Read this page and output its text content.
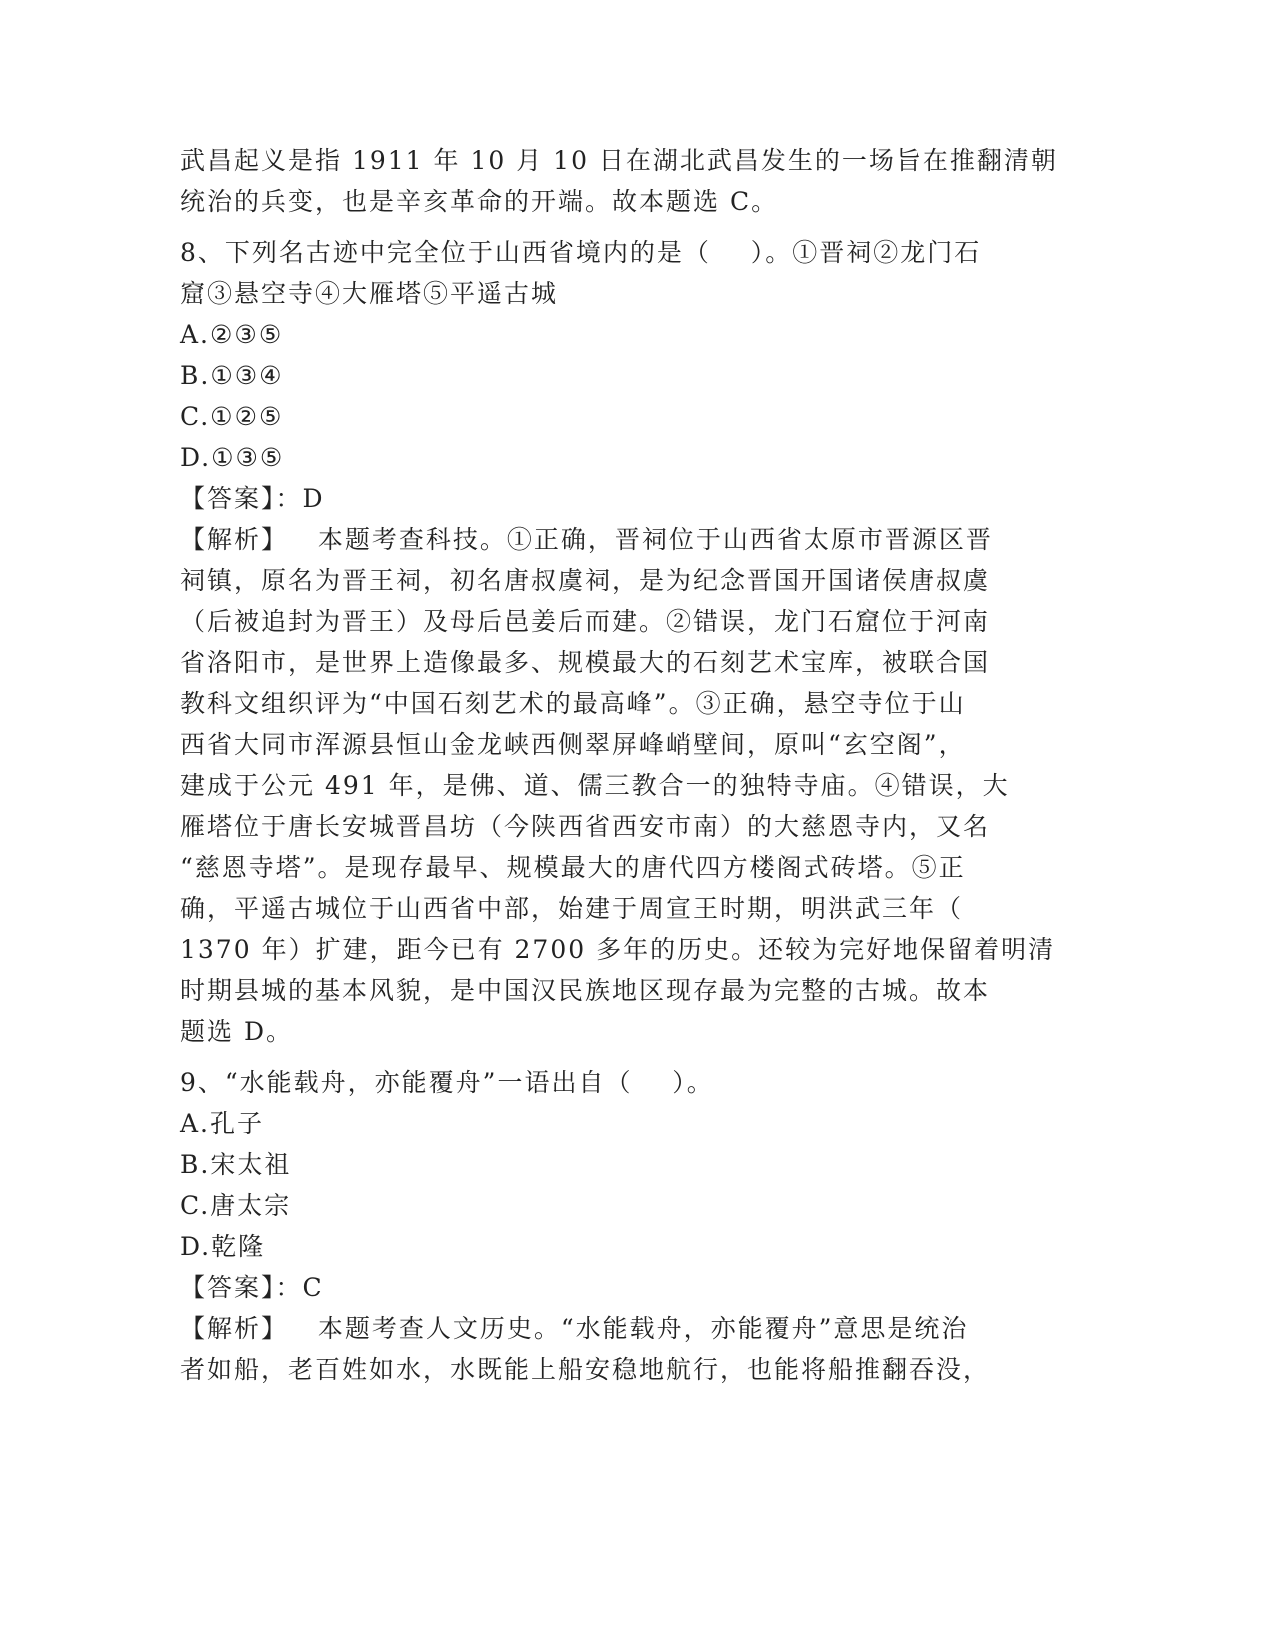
武昌起义是指 1911 年 10 月 10 日在湖北武昌发生的一场旨在推翻清朝
统治的兵变，也是辛亥革命的开端。故本题选 C。
8、下列名古迹中完全位于山西省境内的是（    ）。①晋祠②龙门石
窟③悬空寺④大雁塔⑤平遥古城
A.②③⑤
B.①③④
C.①②⑤
D.①③⑤
【答案】：D
【解析】   本题考查科技。①正确，晋祠位于山西省太原市晋源区晋
祠镇，原名为晋王祠，初名唐叔虞祠，是为纪念晋国开国诸侯唐叔虞
（后被追封为晋王）及母后邑姜后而建。②错误，龙门石窟位于河南
省洛阳市，是世界上造像最多、规模最大的石刻艺术宝库，被联合国
教科文组织评为“中国石刻艺术的最高峰”。③正确，悬空寺位于山
西省大同市浑源县恒山金龙峡西侧翠屏峰峭壁间，原叫“玄空阁”，
建成于公元 491 年，是佛、道、儒三教合一的独特寺庙。④错误，大
雁塔位于唐长安城晋昌坊（今陕西省西安市南）的大慈恩寺内，又名
“慈恩寺塔”。是现存最早、规模最大的唐代四方楼阁式砖塔。⑤正
确，平遥古城位于山西省中部，始建于周宣王时期，明洪武三年（
1370 年）扩建，距今已有 2700 多年的历史。还较为完好地保留着明清
时期县城的基本风貌，是中国汉民族地区现存最为完整的古城。故本
题选 D。
9、“水能载舟，亦能覆舟”一语出自（    ）。
A.孔子
B.宋太祖
C.唐太宗
D.乾隆
【答案】：C
【解析】   本题考查人文历史。“水能载舟，亦能覆舟”意思是统治
者如船，老百姓如水，水既能上船安稳地航行，也能将船推翻吞没，
